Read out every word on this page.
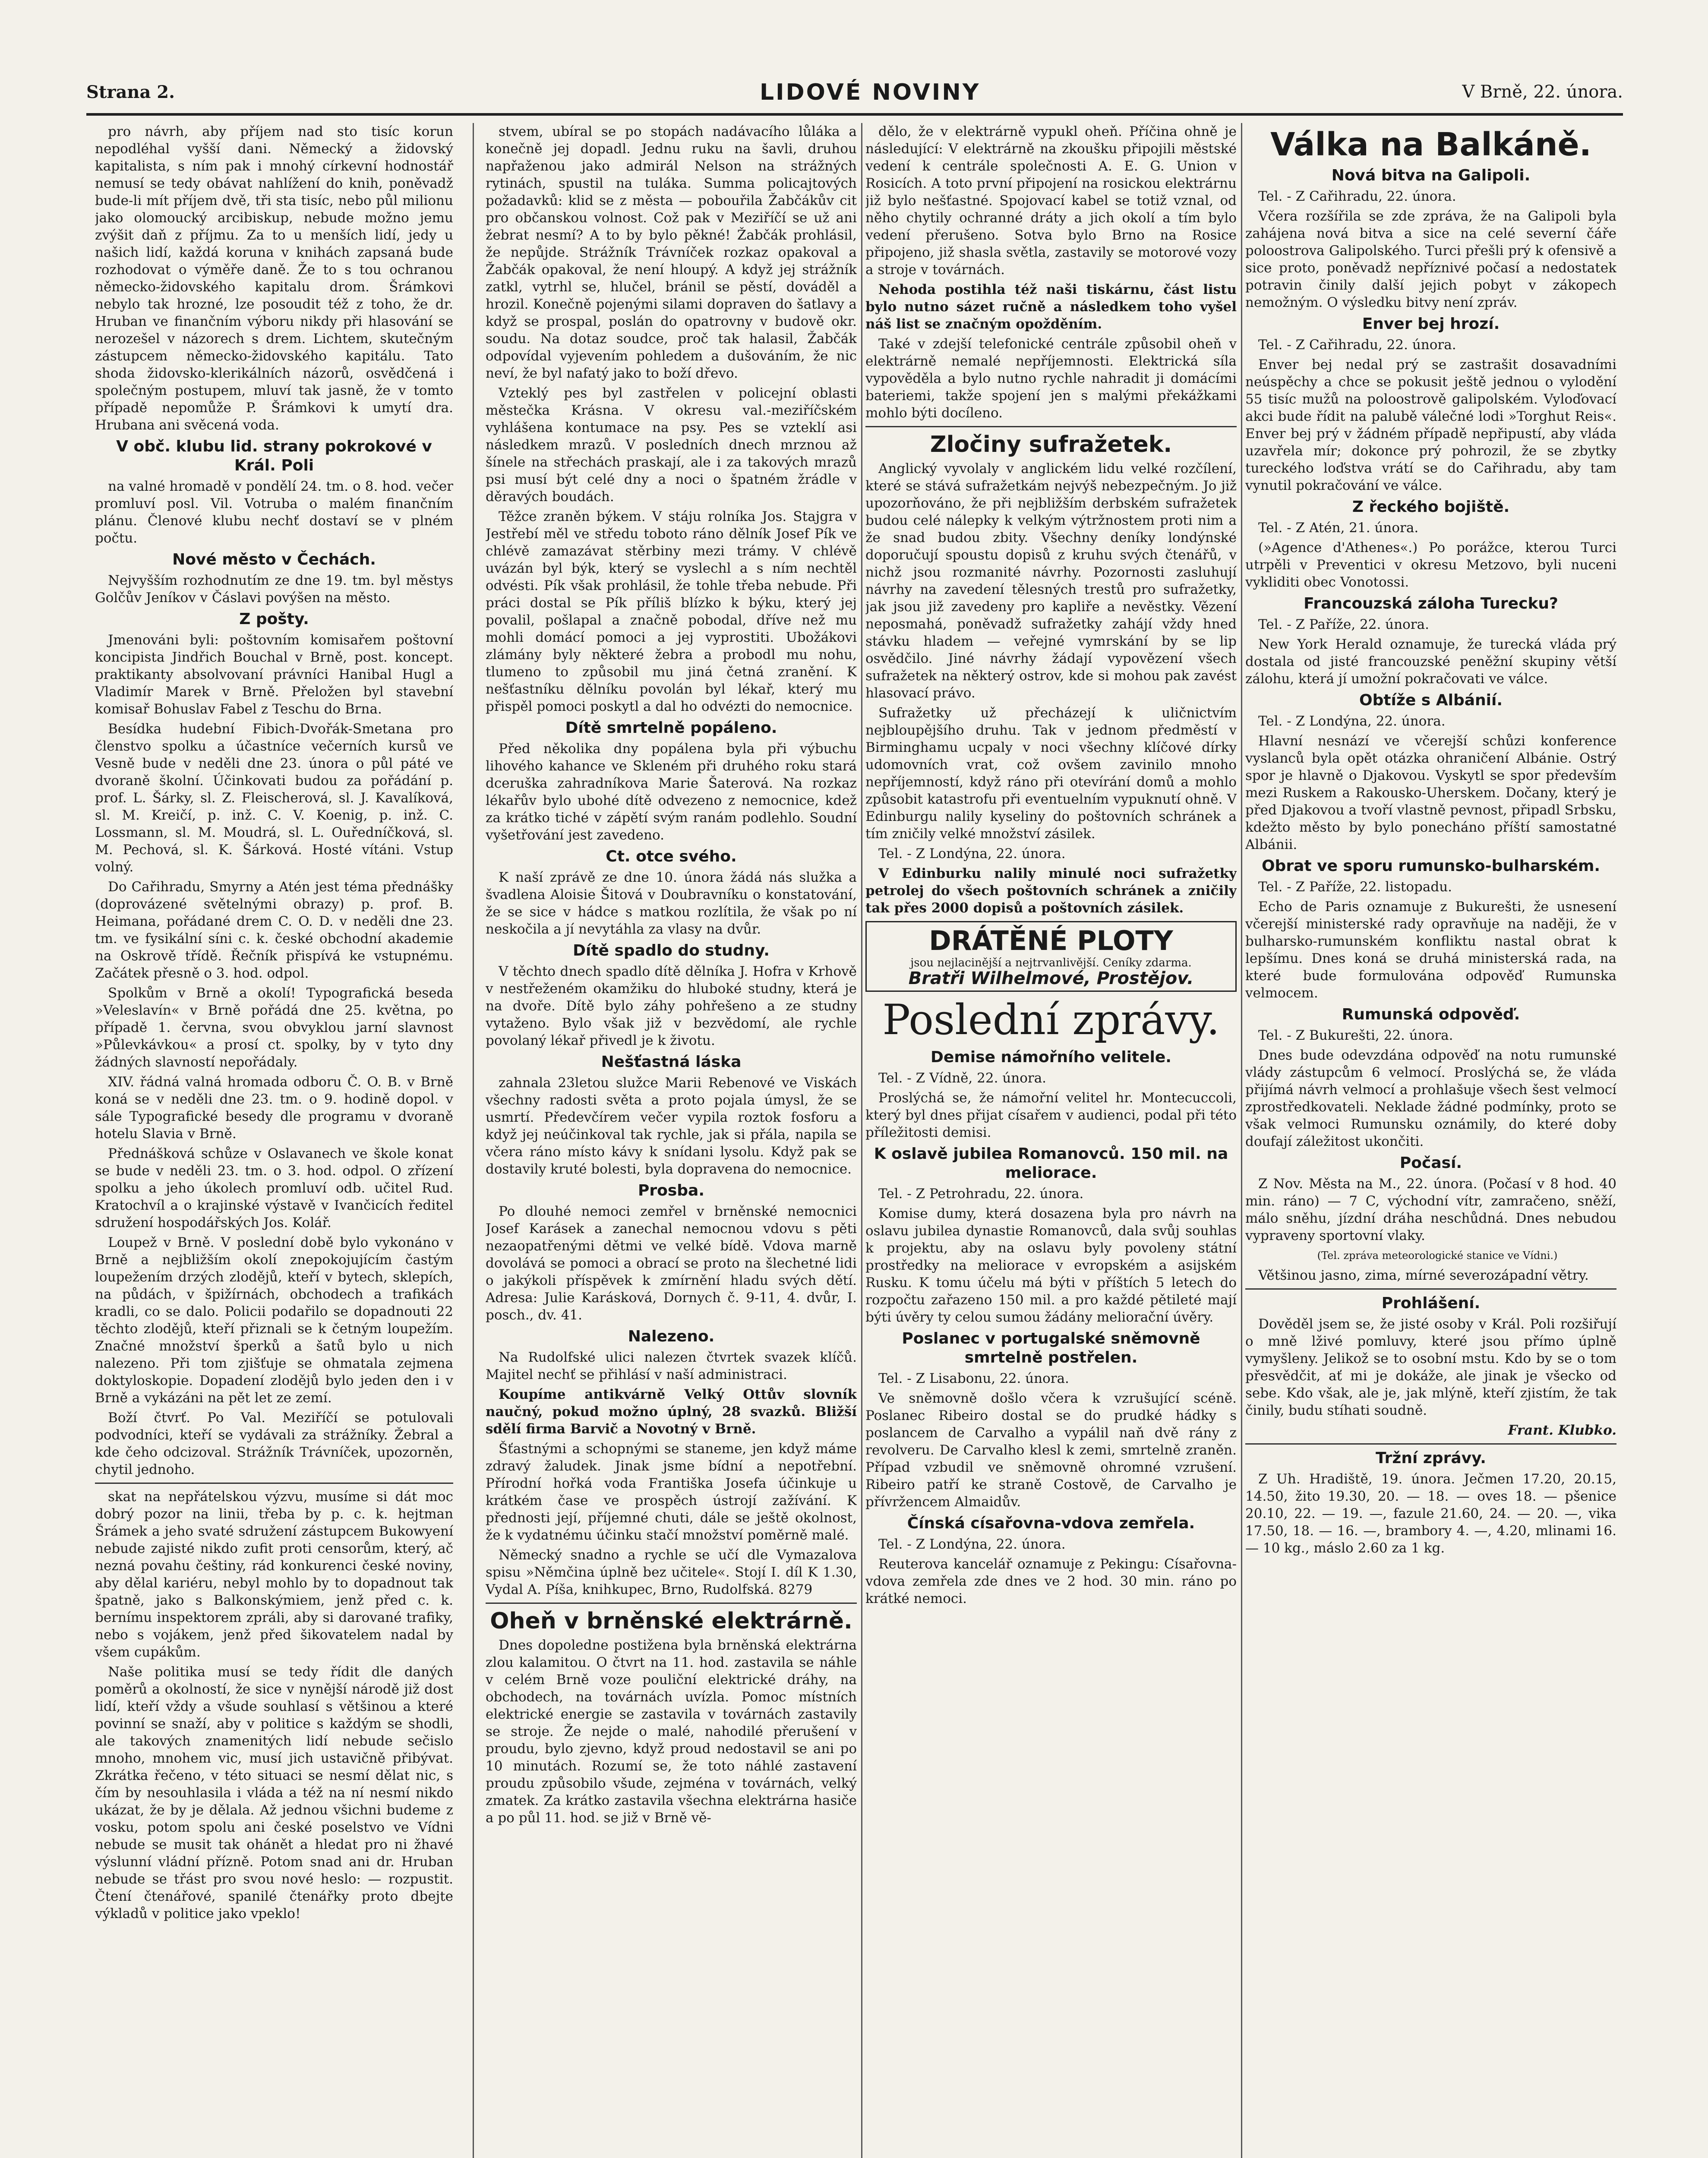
Strana 2.	LIDOVÉ NOVINY	V Brně, 22. února.

pro návrh, aby příjem nad sto tisíc korun nepodléhal vyšší dani. Německý a židovský kapitalista, s ním pak i mnohý církevní hodnostář nemusí se tedy obávat nahlížení do knih, poněvadž bude-li mít příjem dvě, tři sta tisíc, nebo půl milionu jako olomoucký arcibiskup, nebude možno jemu zvýšit daň z příjmu. Za to u menších lidí, jedy u našich lidí, každá koruna v knihách zapsaná bude rozhodovat o výměře daně. Že to s tou ochranou německo-židovského kapitalu drom. Šrámkovi nebylo tak hrozné, lze posoudit též z toho, že dr. Hruban ve finančním výboru nikdy při hlasování se nerozešel v názorech s drem. Lichtem, skutečným zástupcem německo-židovského kapitálu. Tato shoda židovsko-klerikálních názorů, osvědčená i společným postupem, mluví tak jasně, že v tomto případě nepomůže P. Šrámkovi k umytí dra. Hrubana ani svěcená voda.

V obč. klubu lid. strany pokrokové v Král. Poli

na valné hromadě v pondělí 24. tm. o 8. hod. večer promluví posl. Vil. Votruba o malém finančním plánu. Členové klubu nechť dostaví se v plném počtu.

Nové město v Čechách.

Nejvyšším rozhodnutím ze dne 19. tm. byl městys Golčův Jeníkov v Čáslavi povýšen na město.

Z pošty.

Jmenováni byli: poštovním komisařem poštovní koncipista Jindřich Bouchal v Brně, post. koncept. praktikanty absolvovaní právníci Hanibal Hugl a Vladimír Marek v Brně. Přeložen byl stavební komisař Bohuslav Fabel z Teschu do Brna.

Besídka hudební Fibich-Dvořák-Smetana pro členstvo spolku a účastníce večerních kursů ve Vesně bude v neděli dne 23. února o půl páté ve dvoraně školní. Účinkovati budou za pořádání p. prof. L. Šárky, sl. Z. Fleischerová, sl. J. Kavalíková, sl. M. Kreičí, p. inž. C. V. Koenig, p. inž. C. Lossmann, sl. M. Moudrá, sl. L. Ouředníčková, sl. M. Pechová, sl. K. Šárková. Hosté vítáni. Vstup volný.

Do Cařihradu, Smyrny a Atén jest téma přednášky (doprovázené světelnými obrazy) p. prof. B. Heimana, pořádané drem C. O. D. v neděli dne 23. tm. ve fysikální síni c. k. české obchodní akademie na Oskrově třídě. Řečník přispívá ke vstupnému. Začátek přesně o 3. hod. odpol.

Spolkům v Brně a okolí! Typografická beseda »Veleslavín« v Brně pořádá dne 25. května, po případě 1. června, svou obvyklou jarní slavnost »Půlevkávkou« a prosí ct. spolky, by v tyto dny žádných slavností nepořádaly.

XIV. řádná valná hromada odboru Č. O. B. v Brně koná se v neděli dne 23. tm. o 9. hodině dopol. v sále Typografické besedy dle programu v dvoraně hotelu Slavia v Brně.

Přednášková schůze v Oslavanech ve škole konat se bude v neděli 23. tm. o 3. hod. odpol. O zřízení spolku a jeho úkolech promluví odb. učitel Rud. Kratochvíl a o krajinské výstavě v Ivančicích ředitel sdružení hospodářských Jos. Kolář.

Loupež v Brně. V poslední době bylo vykonáno v Brně a nejbližším okolí znepokojujícím častým loupežením drzých zlodějů, kteří v bytech, sklepích, na půdách, v špižírnách, obchodech a trafikách kradli, co se dalo. Policii podařilo se dopadnouti 22 těchto zlodějů, kteří přiznali se k četným loupežím. Značné množství šperků a šatů bylo u nich nalezeno. Při tom zjišťuje se ohmatala zejmena doktyloskopie. Dopadení zlodějů bylo jeden den i v Brně a vykázáni na pět let ze zemí.

Boží čtvrť. Po Val. Meziříčí se potulovali podvodníci, kteří se vydávali za strážníky. Žebral a kde čeho odcizoval. Strážník Trávníček, upozorněn, chytil jednoho.

skat na nepřátelskou výzvu, musíme si dát moc dobrý pozor na linii, třeba by p. c. k. hejtman Šrámek a jeho svaté sdružení zástupcem Bukowyení nebude zajisté nikdo zufit proti censorům, který, ač nezná povahu češtiny, rád konkurenci české noviny, aby dělal kariéru, nebyl mohlo by to dopadnout tak špatně, jako s Balkonskýmiem, jenž před c. k. bernímu inspektorem zpráli, aby si darované trafiky, nebo s vojákem, jenž před šikovatelem nadal by všem cupákům.

Naše politika musí se tedy řídit dle daných poměrů a okolností, že sice v nynější národě již dost lidí, kteří vždy a všude souhlasí s většinou a které povinní se snaží, aby v politice s každým se shodli, ale takových znamenitých lidí nebude sečislo mnoho, mnohem vic, musí jich ustavičně přibývat. Zkrátka řečeno, v této situaci se nesmí dělat nic, s čím by nesouhlasila i vláda a též na ní nesmí nikdo ukázat, že by je dělala. Až jednou všichni budeme z vosku, potom spolu ani české poselstvo ve Vídni nebude se musit tak ohánět a hledat pro ni žhavé výslunní vládní přízně. Potom snad ani dr. Hruban nebude se třást pro svou nové heslo: — rozpustit. Čtení čtenářové, spanilé čtenářky proto dbejte výkladů v politice jako vpeklo!

stvem, ubíral se po stopách nadávacího lůláka a konečně jej dopadl. Jednu ruku na šavli, druhou napřaženou jako admirál Nelson na strážných rytinách, spustil na tuláka. Summa policajtových požadavků: klid se z města — pobouřila Žabčákův cit pro občanskou volnost. Což pak v Meziříčí se už ani žebrat nesmí? A to by bylo pěkné! Žabčák prohlásil, že nepůjde. Strážník Trávníček rozkaz opakoval a Žabčák opakoval, že není hloupý. A když jej strážník zatkl, vytrhl se, hlučel, bránil se pěstí, dováděl a hrozil. Konečně pojenými silami dopraven do šatlavy a když se prospal, poslán do opatrovny v budově okr. soudu. Na dotaz soudce, proč tak halasil, Žabčák odpovídal vyjevením pohledem a dušováním, že nic neví, že byl nafatý jako to boží dřevo.

Vzteklý pes byl zastřelen v policejní oblasti městečka Krásna. V okresu val.-meziříčském vyhlášena kontumace na psy. Pes se vzteklí asi následkem mrazů. V posledních dnech mrznou až šínele na střechách praskají, ale i za takových mrazů psi musí být celé dny a noci o špatném žrádle v děravých boudách.

Těžce zraněn býkem. V stáju rolníka Jos. Stajgra v Jestřebí měl ve středu toboto ráno dělník Josef Pík ve chlévě zamazávat stěrbiny mezi trámy. V chlévě uvázán byl býk, který se vyslechl a s ním nechtěl odvésti. Pík však prohlásil, že tohle třeba nebude. Při práci dostal se Pík příliš blízko k býku, který jej povalil, pošlapal a značně pobodal, dříve než mu mohli domácí pomoci a jej vyprostiti. Ubožákovi zlámány byly některé žebra a probodl mu nohu, tlumeno to způsobil mu jiná četná zranění. K nešťastníku dělníku povolán byl lékař, který mu přispěl pomoci poskytl a dal ho odvézti do nemocnice.

Dítě smrtelně popáleno.

Před několika dny popálena byla při výbuchu lihového kahance ve Skleném při druhého roku stará dceruška zahradníkova Marie Šaterová. Na rozkaz lékařův bylo ubohé dítě odvezeno z nemocnice, kdež za krátko tiché v zápětí svým ranám podlehlo. Soudní vyšetřování jest zavedeno.

Ct. otce svého.

K naší zprávě ze dne 10. února žádá nás služka a švadlena Aloisie Šitová v Doubravníku o konstatování, že se sice v hádce s matkou rozlítila, že však po ní neskočila a jí nevytáhla za vlasy na dvůr.

Dítě spadlo do studny.

V těchto dnech spadlo dítě dělníka J. Hofra v Krhově v nestřeženém okamžiku do hluboké studny, která je na dvoře. Dítě bylo záhy pohřešeno a ze studny vytaženo. Bylo však již v bezvědomí, ale rychle povolaný lékař přivedl je k životu.

Nešťastná láska

zahnala 23letou služce Marii Rebenové ve Viskách všechny radosti světa a proto pojala úmysl, že se usmrtí. Předevčírem večer vypila roztok fosforu a když jej neúčinkoval tak rychle, jak si přála, napila se včera ráno místo kávy k snídani lysolu. Když pak se dostavily kruté bolesti, byla dopravena do nemocnice.

Prosba.

Po dlouhé nemoci zemřel v brněnské nemocnici Josef Karásek a zanechal nemocnou vdovu s pěti nezaopatřenými dětmi ve velké bídě. Vdova marně dovolává se pomoci a obrací se proto na šlechetné lidi o jakýkoli příspěvek k zmírnění hladu svých dětí. Adresa: Julie Karásková, Dornych č. 9-11, 4. dvůr, I. posch., dv. 41.

Nalezeno.

Na Rudolfské ulici nalezen čtvrtek svazek klíčů. Majitel nechť se přihlásí v naší administraci.

Koupíme antikvárně Velký Ottův slovník naučný, pokud možno úplný, 28 svazků. Bližší sdělí firma Barvič a Novotný v Brně.

Šťastnými a schopnými se staneme, jen když máme zdravý žaludek. Jinak jsme bídní a nepotřební. Přírodní hořká voda Františka Josefa účinkuje u krátkém čase ve prospěch ústrojí zažívání. K přednosti její, příjemné chuti, dále se ještě okolnost, že k vydatnému účinku stačí množství poměrně malé.

Německý snadno a rychle se učí dle Vymazalova spisu »Němčina úplně bez učitele«. Stojí I. díl K 1.30, Vydal A. Píša, knihkupec, Brno, Rudolfská. 8279

Oheň v brněnské elektrárně.

Dnes dopoledne postižena byla brněnská elektrárna zlou kalamitou. O čtvrt na 11. hod. zastavila se náhle v celém Brně voze pouliční elektrické dráhy, na obchodech, na továrnách uvízla. Pomoc místních elektrické energie se zastavila v továrnách zastavily se stroje. Že nejde o malé, nahodilé přerušení v proudu, bylo zjevno, když proud nedostavil se ani po 10 minutách. Rozumí se, že toto náhlé zastavení proudu způsobilo všude, zejména v továrnách, velký zmatek. Za krátko zastavila všechna elektrárna hasiče a po půl 11. hod. se již v Brně vě-

dělo, že v elektrárně vypukl oheň. Příčina ohně je následující: V elektrárně na zkoušku připojili městské vedení k centrále společnosti A. E. G. Union v Rosicích. A toto první připojení na rosickou elektrárnu již bylo nešťastné. Spojovací kabel se totiž vznal, od něho chytily ochranné dráty a jich okolí a tím bylo vedení přerušeno. Sotva bylo Brno na Rosice připojeno, již shasla světla, zastavily se motorové vozy a stroje v továrnách.

Nehoda postihla též naši tiskárnu, část listu bylo nutno sázet ručně a následkem toho vyšel náš list se značným opožděním.

Také v zdejší telefonické centrále způsobil oheň v elektrárně nemalé nepříjemnosti. Elektrická síla vypověděla a bylo nutno rychle nahradit ji domácími bateriemi, takže spojení jen s malými překážkami mohlo býti docíleno.

Zločiny sufražetek.

Anglický vyvolaly v anglickém lidu velké rozčílení, které se stává sufražetkám nejvýš nebezpečným. Jo již upozorňováno, že při nejbližším derbském sufražetek budou celé nálepky k velkým výtržnostem proti nim a že snad budou zbity. Všechny deníky londýnské doporučují spoustu dopisů z kruhu svých čtenářů, v nichž jsou rozmanité návrhy. Pozornosti zasluhují návrhy na zavedení tělesných trestů pro sufražetky, jak jsou již zavedeny pro kapliře a nevěstky. Vězení neposmahá, poněvadž sufražetky zahájí vždy hned stávku hladem — veřejné vymrskání by se lip osvědčilo. Jiné návrhy žádají vypovězení všech sufražetek na některý ostrov, kde si mohou pak zavést hlasovací právo.

Sufražetky už přecházejí k uličnictvím nejbloupějšího druhu. Tak v jednom předměstí v Birminghamu ucpaly v noci všechny klíčové dírky udomovních vrat, což ovšem zavinilo mnoho nepříjemností, když ráno při otevírání domů a mohlo způsobit katastrofu při eventuelním vypuknutí ohně. V Edinburgu nalily kyseliny do poštovních schránek a tím zničily velké množství zásilek.

Tel. - Z Londýna, 22. února.

V Edinburku nalily minulé noci sufražetky petrolej do všech poštovních schránek a zničily tak přes 2000 dopisů a poštovních zásilek.

DRÁTĚNÉ PLOTY
jsou nejlacinější a nejtrvanlivější. Ceníky zdarma.
Bratři Wilhelmové, Prostějov.
Poslední zprávy.
Demise námořního velitele.

Tel. - Z Vídně, 22. února.

Proslýchá se, že námořní velitel hr. Montecuccoli, který byl dnes přijat císařem v audienci, podal při této příležitosti demisi.

K oslavě jubilea Romanovců. 150 mil. na meliorace.

Tel. - Z Petrohradu, 22. února.

Komise dumy, která dosazena byla pro návrh na oslavu jubilea dynastie Romanovců, dala svůj souhlas k projektu, aby na oslavu byly povoleny státní prostředky na meliorace v evropském a asijském Rusku. K tomu účelu má býti v příštích 5 letech do rozpočtu zařazeno 150 mil. a pro každé pětileté mají býti úvěry ty celou sumou žádány meliorační úvěry.

Poslanec v portugalské sněmovně smrtelně postřelen.

Tel. - Z Lisabonu, 22. února.

Ve sněmovně došlo včera k vzrušující scéně. Poslanec Ribeiro dostal se do prudké hádky s poslancem de Carvalho a vypálil naň dvě rány z revolveru. De Carvalho klesl k zemi, smrtelně zraněn. Případ vzbudil ve sněmovně ohromné vzrušení. Ribeiro patří ke straně Costově, de Carvalho je přívržencem Almaidův.

Čínská císařovna-vdova zemřela.

Tel. - Z Londýna, 22. února.

Reuterova kancelář oznamuje z Pekingu: Císařovna-vdova zemřela zde dnes ve 2 hod. 30 min. ráno po krátké nemoci.

Válka na Balkáně.
Nová bitva na Galipoli.

Tel. - Z Cařihradu, 22. února.

Včera rozšířila se zde zpráva, že na Galipoli byla zahájena nová bitva a sice na celé severní čáře poloostrova Galipolského. Turci přešli prý k ofensivě a sice proto, poněvadž nepříznivé počasí a nedostatek potravin činily další jejich pobyt v zákopech nemožným. O výsledku bitvy není zpráv.

Enver bej hrozí.

Tel. - Z Cařihradu, 22. února.

Enver bej nedal prý se zastrašit dosavadními neúspěchy a chce se pokusit ještě jednou o vylodění 55 tisíc mužů na poloostrově galipolském. Vyloďovací akci bude řídit na palubě válečné lodi »Torghut Reis«. Enver bej prý v žádném případě nepřipustí, aby vláda uzavřela mír; dokonce prý pohrozil, že se zbytky tureckého loďstva vrátí se do Cařihradu, aby tam vynutil pokračování ve válce.

Z řeckého bojiště.

Tel. - Z Atén, 21. února.

(»Agence d'Athenes«.) Po porážce, kterou Turci utrpěli v Preventici v okresu Metzovo, byli nuceni vykliditi obec Vonotossi.

Francouzská záloha Turecku?

Tel. - Z Paříže, 22. února.

New York Herald oznamuje, že turecká vláda prý dostala od jisté francouzské peněžní skupiny větší zálohu, která jí umožní pokračovati ve válce.

Obtíže s Albánií.

Tel. - Z Londýna, 22. února.

Hlavní nesnází ve včerejší schůzi konference vyslanců byla opět otázka ohraničení Albánie. Ostrý spor je hlavně o Djakovou. Vyskytl se spor především mezi Ruskem a Rakousko-Uherskem. Dočany, který je před Djakovou a tvoří vlastně pevnost, připadl Srbsku, kdežto město by bylo ponecháno příští samostatné Albánii.

Obrat ve sporu rumunsko-bulharském.

Tel. - Z Paříže, 22. listopadu.

Echo de Paris oznamuje z Bukurešti, že usnesení včerejší ministerské rady opravňuje na naději, že v bulharsko-rumunském konfliktu nastal obrat k lepšímu. Dnes koná se druhá ministerská rada, na které bude formulována odpověď Rumunska velmocem.

Rumunská odpověď.

Tel. - Z Bukurešti, 22. února.

Dnes bude odevzdána odpověď na notu rumunské vlády zástupcům 6 velmocí. Proslýchá se, že vláda přijímá návrh velmocí a prohlašuje všech šest velmocí zprostředkovateli. Neklade žádné podmínky, proto se však velmoci Rumunsku oznámily, do které doby doufají záležitost ukončiti.

Počasí.

Z Nov. Města na M., 22. února. (Počasí v 8 hod. 40 min. ráno) — 7 C, východní vítr, zamračeno, sněží, málo sněhu, jízdní dráha neschůdná. Dnes nebudou vypraveny sportovní vlaky.

(Tel. zpráva meteorologické stanice ve Vídni.)

Většinou jasno, zima, mírné severozápadní větry.

Prohlášení.

Dověděl jsem se, že jisté osoby v Král. Poli rozšiřují o mně lživé pomluvy, které jsou přímo úplně vymyšleny. Jelikož se to osobní mstu. Kdo by se o tom přesvědčit, ať mi je dokáže, ale jinak je všecko od sebe. Kdo však, ale je, jak mlýně, kteří zjistím, že tak činily, budu stíhati soudně.

Frant. Klubko.

Tržní zprávy.

Z Uh. Hradiště, 19. února. Ječmen 17.20, 20.15, 14.50, žito 19.30, 20. — 18. — oves 18. — pšenice 20.10, 22. — 19. —, fazule 21.60, 24. — 20. —, vika 17.50, 18. — 16. —, brambory 4. —, 4.20, mlinami 16. — 10 kg., máslo 2.60 za 1 kg.
